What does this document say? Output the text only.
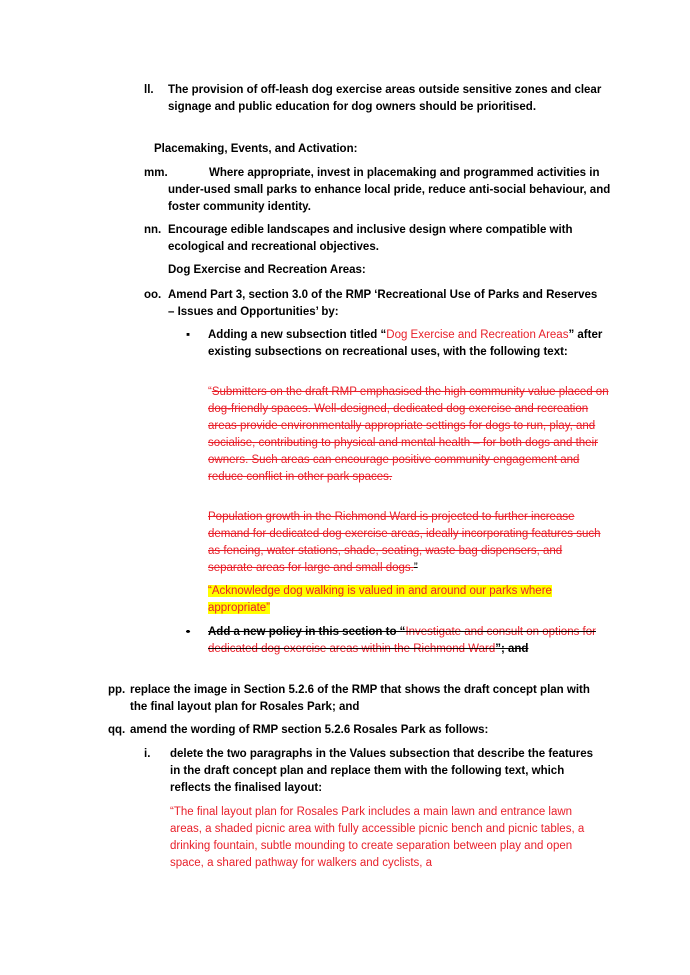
ll.	The provision of off-leash dog exercise areas outside sensitive zones and clear signage and public education for dog owners should be prioritised.
Placemaking, Events, and Activation:
mm.	Where appropriate, invest in placemaking and programmed activities in under-used small parks to enhance local pride, reduce anti-social behaviour, and foster community identity.
nn. Encourage edible landscapes and inclusive design where compatible with ecological and recreational objectives.
Dog Exercise and Recreation Areas:
oo. Amend Part 3, section 3.0 of the RMP ‘Recreational Use of Parks and Reserves – Issues and Opportunities’ by:
▪	Adding a new subsection titled “Dog Exercise and Recreation Areas” after existing subsections on recreational uses, with the following text:

“Submitters on the draft RMP emphasised the high community value placed on dog-friendly spaces. Well-designed, dedicated dog exercise and recreation areas provide environmentally appropriate settings for dogs to run, play, and socialise, contributing to physical and mental health – for both dogs and their owners. Such areas can encourage positive community engagement and reduce conflict in other park spaces.

Population growth in the Richmond Ward is projected to further increase demand for dedicated dog exercise areas, ideally incorporating features such as fencing, water stations, shade, seating, waste bag dispensers, and separate areas for large and small dogs.”

“Acknowledge dog walking is valued in and around our parks where appropriate”
▪	Add a new policy in this section to “Investigate and consult on options for dedicated dog exercise areas within the Richmond Ward”; and
pp. replace the image in Section 5.2.6 of the RMP that shows the draft concept plan with the final layout plan for Rosales Park; and
qq. amend the wording of RMP section 5.2.6 Rosales Park as follows:
i.	delete the two paragraphs in the Values subsection that describe the features in the draft concept plan and replace them with the following text, which reflects the finalised layout:
“The final layout plan for Rosales Park includes a main lawn and entrance lawn areas, a shaded picnic area with fully accessible picnic bench and picnic tables, a drinking fountain, subtle mounding to create separation between play and open space, a shared pathway for walkers and cyclists, a
